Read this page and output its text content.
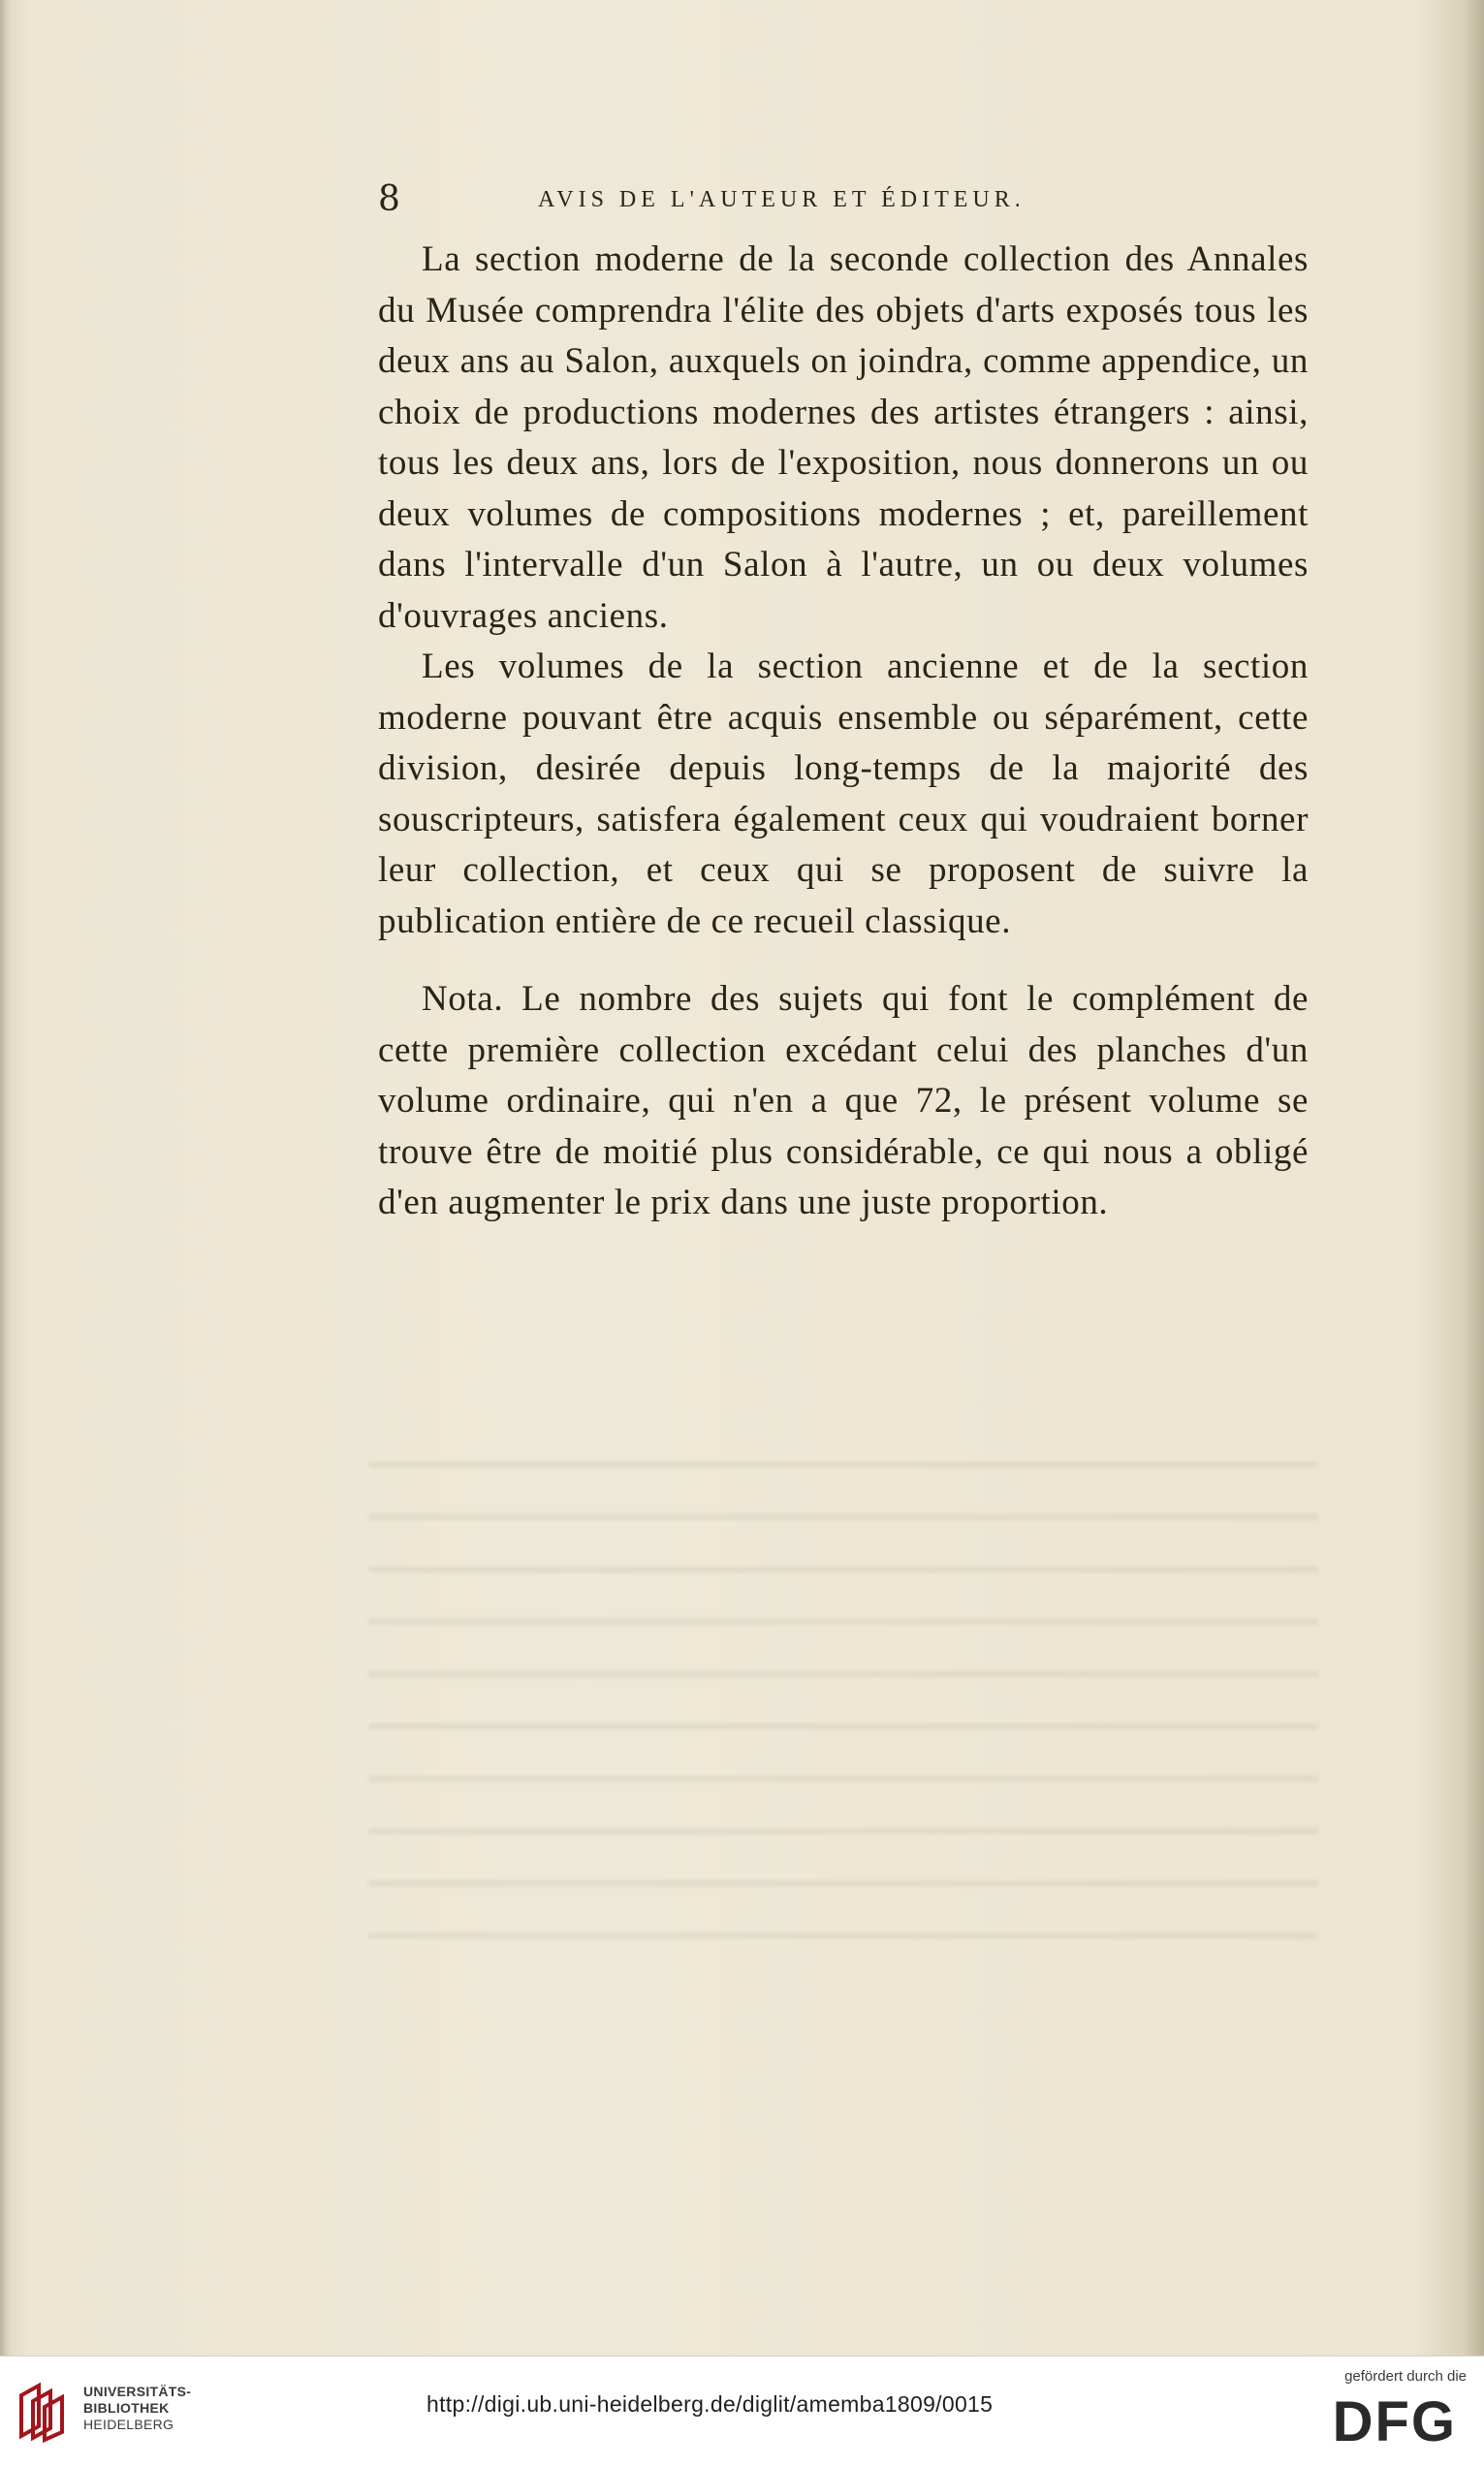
8	AVIS DE L'AUTEUR ET ÉDITEUR.

La section moderne de la seconde collection des Annales du Musée comprendra l'élite des objets d'arts exposés tous les deux ans au Salon, auxquels on joindra, comme appendice, un choix de productions modernes des artistes étrangers : ainsi, tous les deux ans, lors de l'exposition, nous donnerons un ou deux volumes de compositions modernes ; et, pareillement dans l'intervalle d'un Salon à l'autre, un ou deux volumes d'ouvrages anciens.

Les volumes de la section ancienne et de la section moderne pouvant être acquis ensemble ou séparément, cette division, desirée depuis long-temps de la majorité des souscripteurs, satisfera également ceux qui voudraient borner leur collection, et ceux qui se proposent de suivre la publication entière de ce recueil classique.

Nota. Le nombre des sujets qui font le complément de cette première collection excédant celui des planches d'un volume ordinaire, qui n'en a que 72, le présent volume se trouve être de moitié plus considérable, ce qui nous a obligé d'en augmenter le prix dans une juste proportion.

UNIVERSITÄTS-
BIBLIOTHEK
HEIDELBERG
http://digi.ub.uni-heidelberg.de/diglit/amemba1809/0015
gefördert durch die
DFG
